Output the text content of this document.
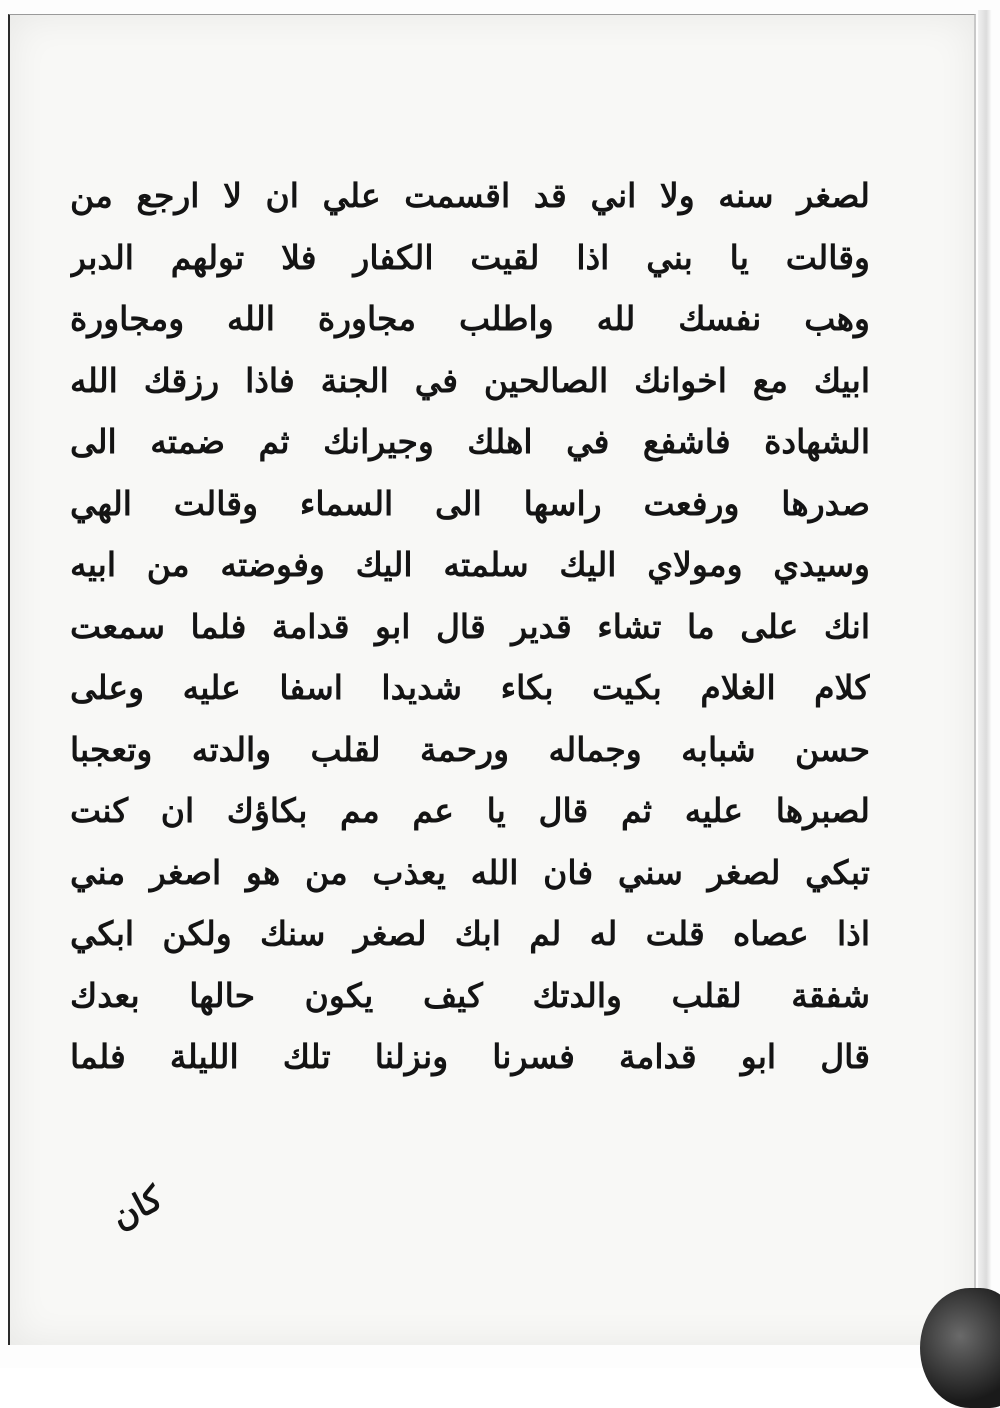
لصغر سنه ولا اني قد اقسمت علي ان لا ارجع من
وقالت يا بني اذا لقيت الكفار فلا تولهم الدبر
وهب نفسك لله واطلب مجاورة الله ومجاورة
ابيك مع اخوانك الصالحين في الجنة فاذا رزقك الله
الشهادة فاشفع في اهلك وجيرانك ثم ضمته الى
صدرها ورفعت راسها الى السماء وقالت الهي
وسيدي ومولاي اليك سلمته اليك وفوضته من ابيه
انك على ما تشاء قدير قال ابو قدامة فلما سمعت
كلام الغلام بكيت بكاء شديدا اسفا عليه وعلى
حسن شبابه وجماله ورحمة لقلب والدته وتعجبا
لصبرها عليه ثم قال يا عم مم بكاؤك ان كنت
تبكي لصغر سني فان الله يعذب من هو اصغر مني
اذا عصاه قلت له لم ابك لصغر سنك ولكن ابكي
شفقة لقلب والدتك كيف يكون حالها بعدك
قال ابو قدامة فسرنا ونزلنا تلك الليلة فلما
كان
